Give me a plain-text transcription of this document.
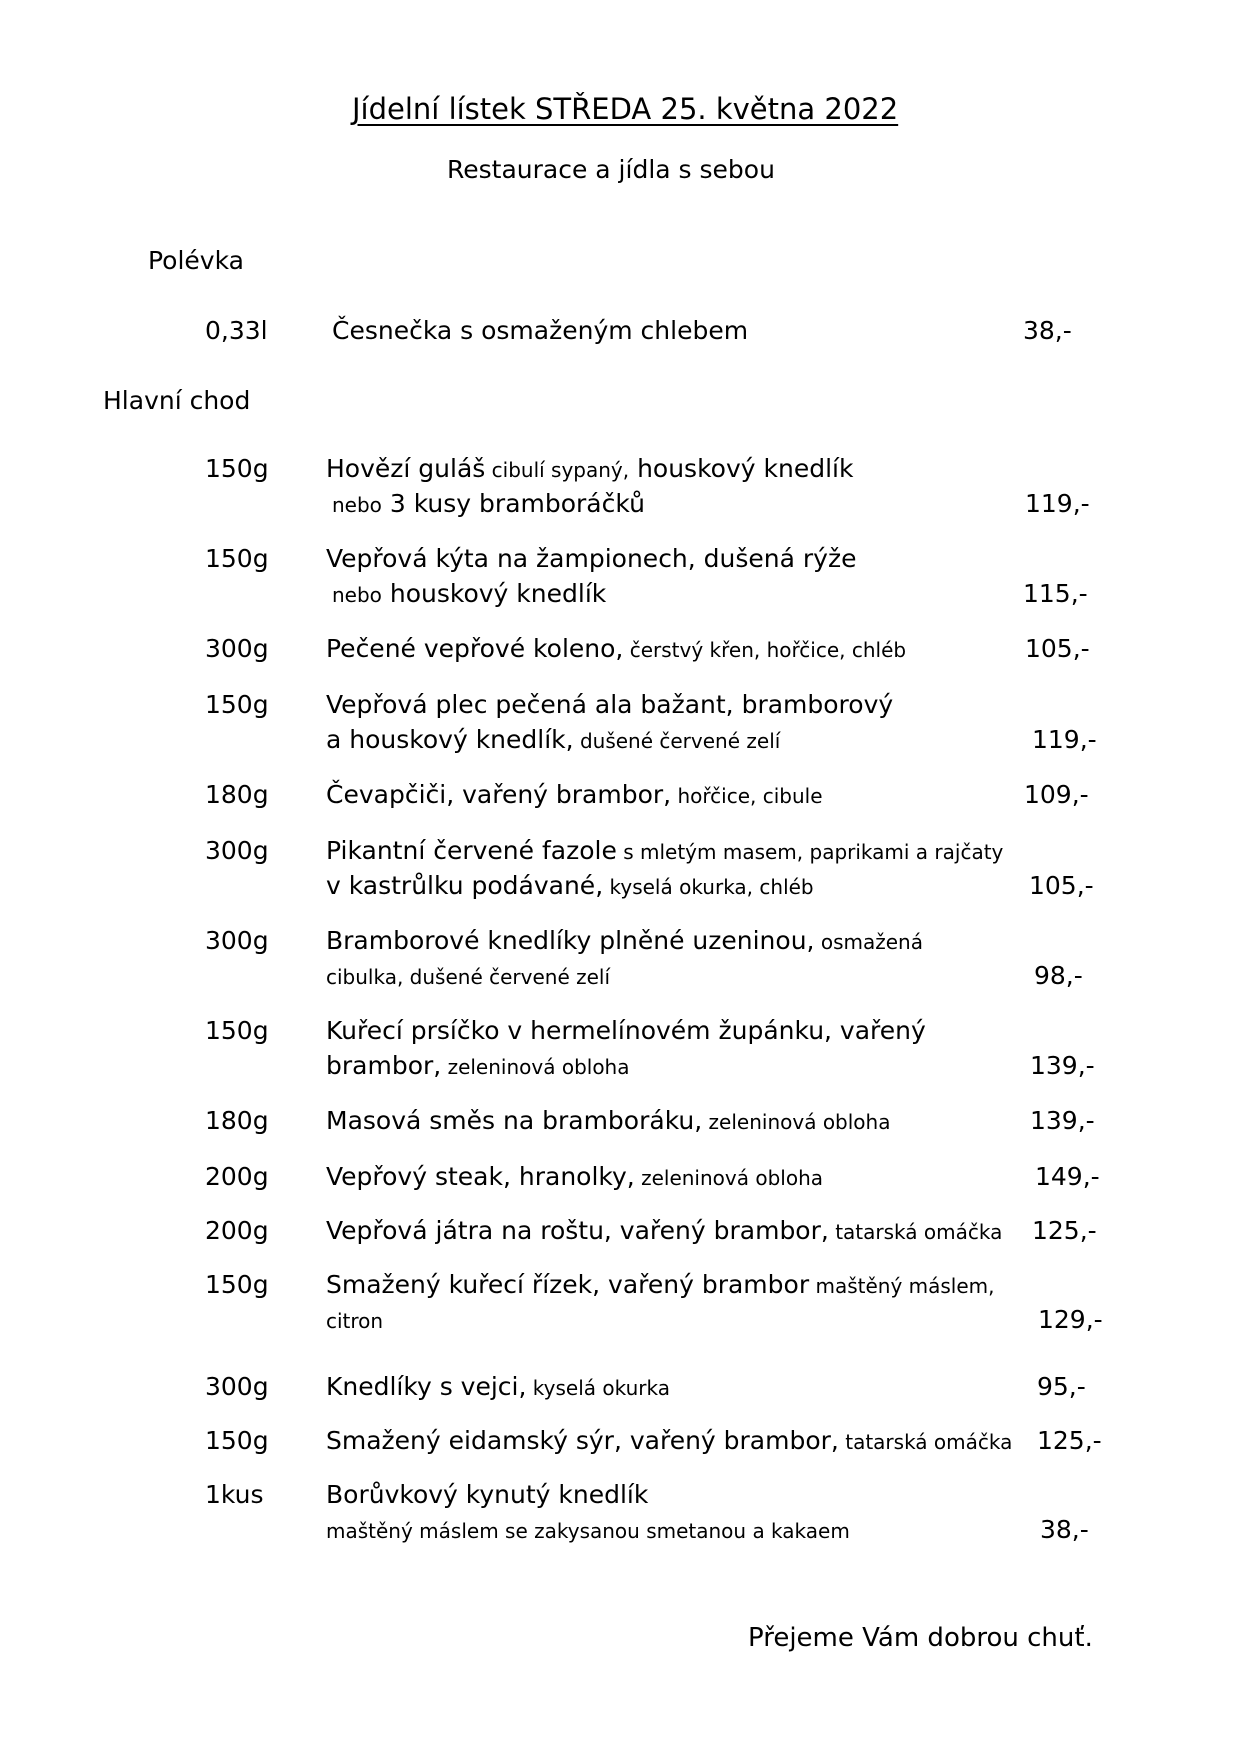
Jídelní lístek STŘEDA 25. května 2022
Restaurace a jídla s sebou
Polévka
0,33l	Česnečka s osmaženým chlebem	38,-
Hlavní chod
150g Hovězí guláš cibulí sypaný, houskový knedlík
nebo 3 kusy bramboráčků	119,-
150g Vepřová kýta na žampionech, dušená rýže
nebo houskový knedlík	115,-
300g Pečené vepřové koleno, čerstvý křen, hořčice, chléb	105,-
150g Vepřová plec pečená ala bažant, bramborový
a houskový knedlík, dušené červené zelí	119,-
180g Čevapčiči, vařený brambor, hořčice, cibule	109,-
300g Pikantní červené fazole s mletým masem, paprikami a rajčaty
v kastrůlku podávané, kyselá okurka, chléb	105,-
300g Bramborové knedlíky plněné uzeninou, osmažená
cibulka, dušené červené zelí	98,-
150g Kuřecí prsíčko v hermelínovém župánku, vařený
brambor, zeleninová obloha	139,-
180g Masová směs na bramboráku, zeleninová obloha	139,-
200g Vepřový steak, hranolky, zeleninová obloha	149,-
200g Vepřová játra na roštu, vařený brambor, tatarská omáčka 125,-
150g Smažený kuřecí řízek, vařený brambor maštěný máslem,
citron	129,-
300g Knedlíky s vejci, kyselá okurka	95,-
150g Smažený eidamský sýr, vařený brambor, tatarská omáčka 125,-
1kus	Borůvkový kynutý knedlík
maštěný máslem se zakysanou smetanou a kakaem	38,-
Přejeme Vám dobrou chuť.
